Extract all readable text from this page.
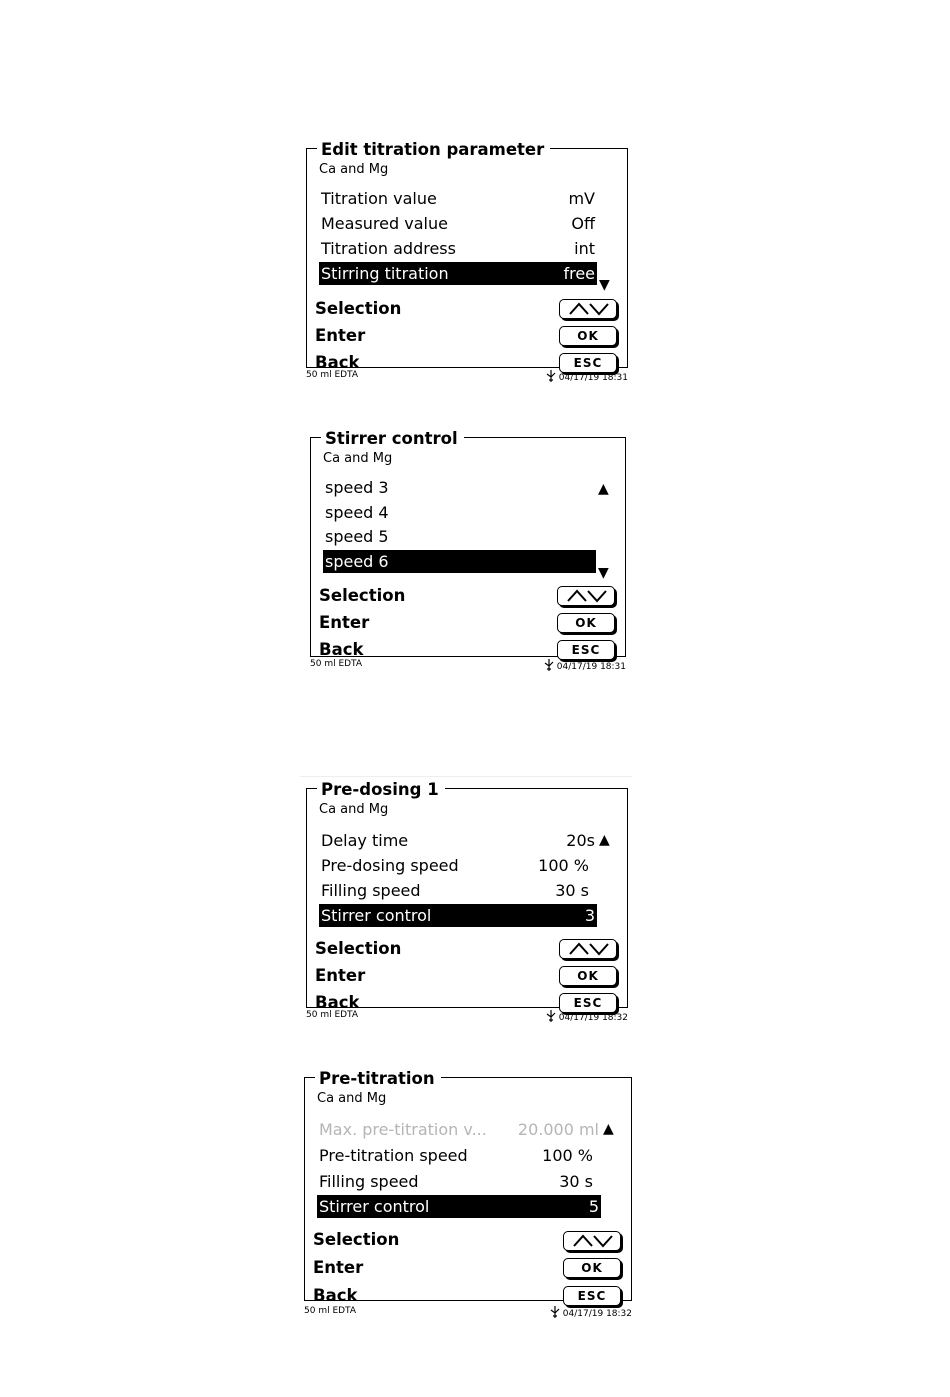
Edit titration parameter
Ca and Mg
Titration value	mV
Measured value	Off
Titration address	int
Stirring titration	free
▼
Selection
Enter
Back
OK
ESC
50 ml EDTA	04/17/19 18:31
Stirrer control
Ca and Mg
▲
speed 3
speed 4
speed 5
speed 6
▼
Selection
Enter
Back
OK
ESC
50 ml EDTA	04/17/19 18:31
Pre-dosing 1
Ca and Mg
Delay time	20s ▲
Pre-dosing speed	100 %
Filling speed	30 s
Stirrer control	3
Selection
Enter
Back
OK
ESC
50 ml EDTA	04/17/19 18:32
Pre-titration
Ca and Mg
Max. pre-titration v... 20.000 ml ▲
Pre-titration speed	100 %
Filling speed	30 s
Stirrer control	5
Selection
Enter
Back
OK
ESC
50 ml EDTA	04/17/19 18:32
